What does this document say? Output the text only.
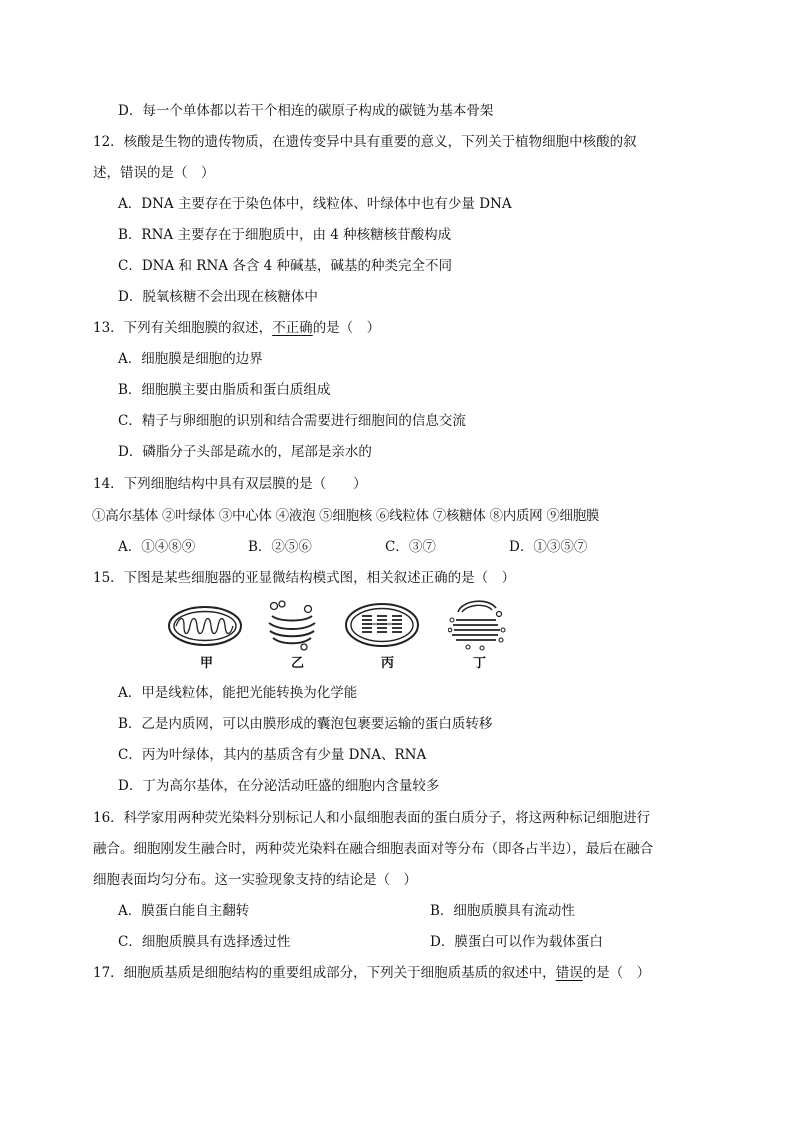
D．每一个单体都以若干个相连的碳原子构成的碳链为基本骨架
12．核酸是生物的遗传物质，在遗传变异中具有重要的意义，下列关于植物细胞中核酸的叙
述，错误的是（　）
A．DNA 主要存在于染色体中，线粒体、叶绿体中也有少量 DNA
B．RNA 主要存在于细胞质中，由 4 种核糖核苷酸构成
C．DNA 和 RNA 各含 4 种碱基，碱基的种类完全不同
D．脱氧核糖不会出现在核糖体中
13．下列有关细胞膜的叙述，不正确的是（　）
A．细胞膜是细胞的边界
B．细胞膜主要由脂质和蛋白质组成
C．精子与卵细胞的识别和结合需要进行细胞间的信息交流
D．磷脂分子头部是疏水的，尾部是亲水的
14．下列细胞结构中具有双层膜的是（　　）
①高尔基体 ②叶绿体 ③中心体 ④液泡 ⑤细胞核 ⑥线粒体 ⑦核糖体 ⑧内质网 ⑨细胞膜
A．①④⑧⑨	B．②⑤⑥	C．③⑦	D．①③⑤⑦
15．下图是某些细胞器的亚显微结构模式图，相关叙述正确的是（　）
甲	乙	丙	丁
A．甲是线粒体，能把光能转换为化学能
B．乙是内质网，可以由膜形成的囊泡包裹要运输的蛋白质转移
C．丙为叶绿体，其内的基质含有少量 DNA、RNA
D．丁为高尔基体，在分泌活动旺盛的细胞内含量较多
16．科学家用两种荧光染料分别标记人和小鼠细胞表面的蛋白质分子，将这两种标记细胞进行
融合。细胞刚发生融合时，两种荧光染料在融合细胞表面对等分布（即各占半边），最后在融合
细胞表面均匀分布。这一实验现象支持的结论是（　）
A．膜蛋白能自主翻转	B．细胞质膜具有流动性
C．细胞质膜具有选择透过性	D．膜蛋白可以作为载体蛋白
17．细胞质基质是细胞结构的重要组成部分，下列关于细胞质基质的叙述中，错误的是（　）
